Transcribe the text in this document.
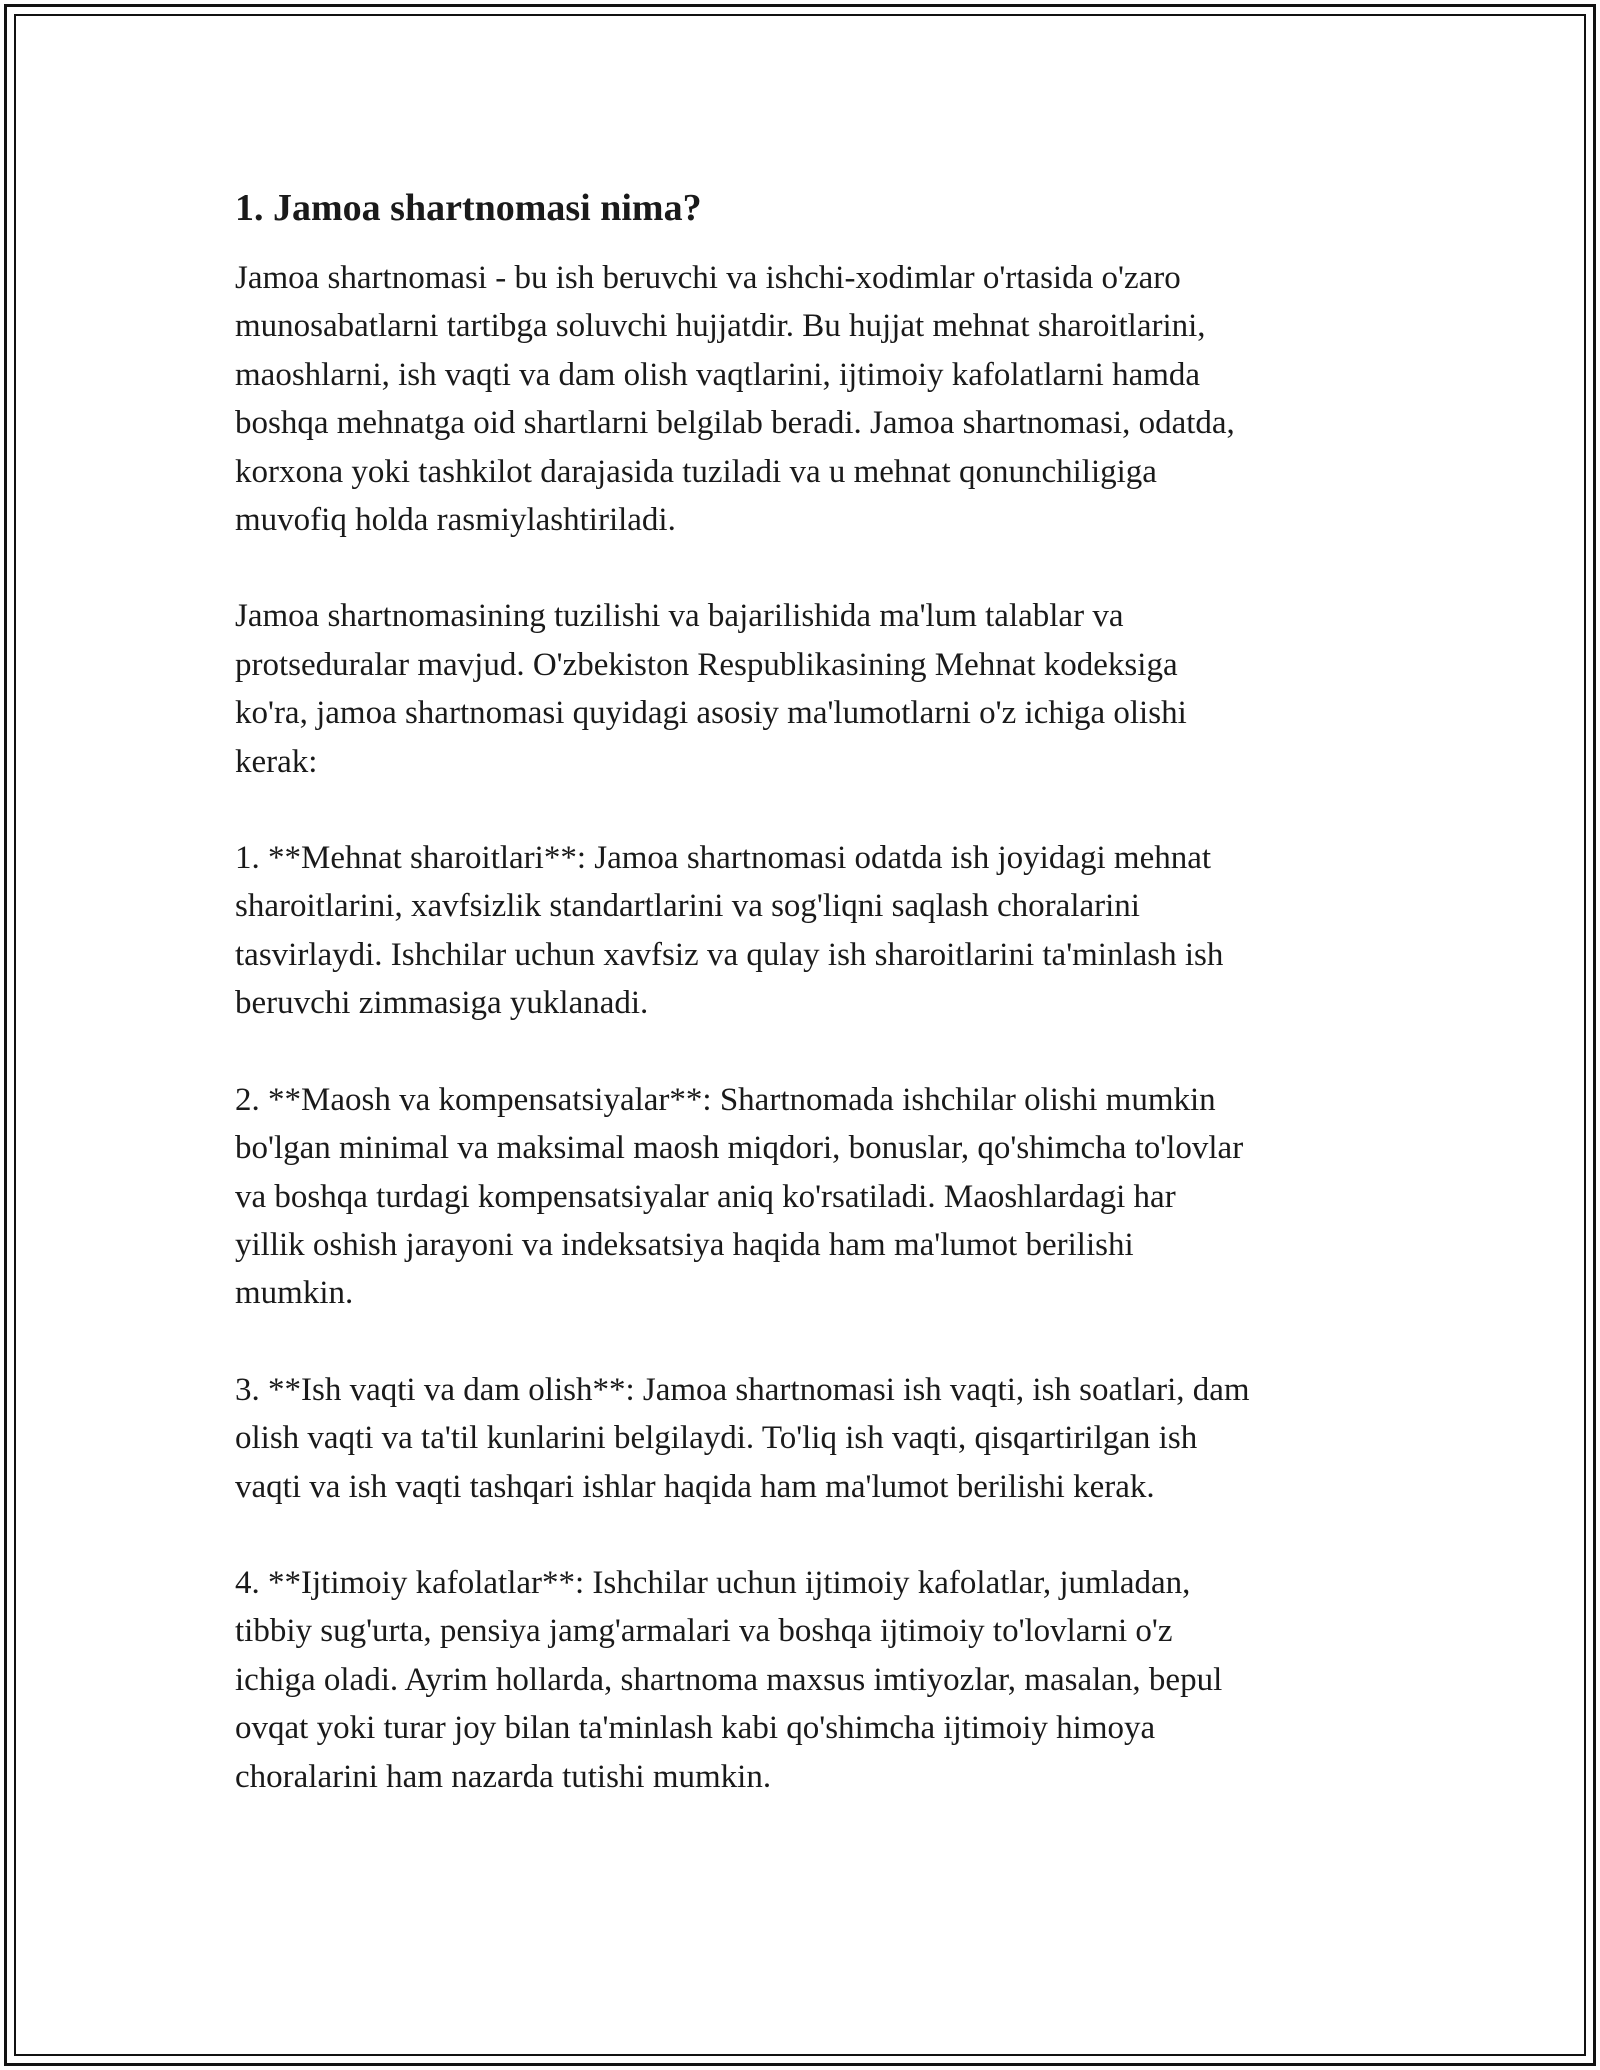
1. Jamoa shartnomasi nima?

Jamoa shartnomasi - bu ish beruvchi va ishchi-xodimlar o'rtasida o'zaro
munosabatlarni tartibga soluvchi hujjatdir. Bu hujjat mehnat sharoitlarini,
maoshlarni, ish vaqti va dam olish vaqtlarini, ijtimoiy kafolatlarni hamda
boshqa mehnatga oid shartlarni belgilab beradi. Jamoa shartnomasi, odatda,
korxona yoki tashkilot darajasida tuziladi va u mehnat qonunchiligiga
muvofiq holda rasmiylashtiriladi.

Jamoa shartnomasining tuzilishi va bajarilishida ma'lum talablar va
protseduralar mavjud. O'zbekiston Respublikasining Mehnat kodeksiga
ko'ra, jamoa shartnomasi quyidagi asosiy ma'lumotlarni o'z ichiga olishi
kerak:

1. **Mehnat sharoitlari**: Jamoa shartnomasi odatda ish joyidagi mehnat
sharoitlarini, xavfsizlik standartlarini va sog'liqni saqlash choralarini
tasvirlaydi. Ishchilar uchun xavfsiz va qulay ish sharoitlarini ta'minlash ish
beruvchi zimmasiga yuklanadi.

2. **Maosh va kompensatsiyalar**: Shartnomada ishchilar olishi mumkin
bo'lgan minimal va maksimal maosh miqdori, bonuslar, qo'shimcha to'lovlar
va boshqa turdagi kompensatsiyalar aniq ko'rsatiladi. Maoshlardagi har
yillik oshish jarayoni va indeksatsiya haqida ham ma'lumot berilishi
mumkin.

3. **Ish vaqti va dam olish**: Jamoa shartnomasi ish vaqti, ish soatlari, dam
olish vaqti va ta'til kunlarini belgilaydi. To'liq ish vaqti, qisqartirilgan ish
vaqti va ish vaqti tashqari ishlar haqida ham ma'lumot berilishi kerak.

4. **Ijtimoiy kafolatlar**: Ishchilar uchun ijtimoiy kafolatlar, jumladan,
tibbiy sug'urta, pensiya jamg'armalari va boshqa ijtimoiy to'lovlarni o'z
ichiga oladi. Ayrim hollarda, shartnoma maxsus imtiyozlar, masalan, bepul
ovqat yoki turar joy bilan ta'minlash kabi qo'shimcha ijtimoiy himoya
choralarini ham nazarda tutishi mumkin.
